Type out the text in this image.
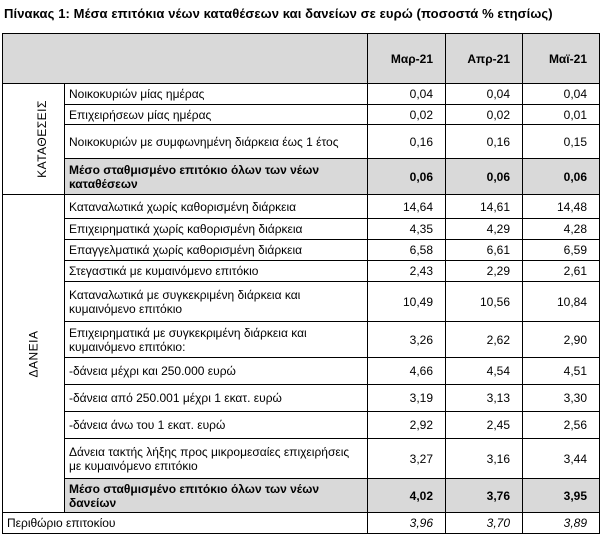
Πίνακας 1: Μέσα επιτόκια νέων καταθέσεων και δανείων σε ευρώ (ποσοστά % ετησίως)
		Μαρ-21	Απρ-21	Μαϊ-21
ΚΑΤΑΘΕΣΕΙΣ	Νοικοκυριών μίας ημέρας	0,04	0,04	0,04
	Επιχειρήσεων μίας ημέρας	0,02	0,02	0,01
	Νοικοκυριών με συμφωνημένη διάρκεια έως 1 έτος	0,16	0,16	0,15
	Μέσο σταθμισμένο επιτόκιο όλων των νέων καταθέσεων	0,06	0,06	0,06
ΔΑΝΕΙΑ	Καταναλωτικά χωρίς καθορισμένη διάρκεια	14,64	14,61	14,48
	Επιχειρηματικά χωρίς καθορισμένη διάρκεια	4,35	4,29	4,28
	Επαγγελματικά χωρίς καθορισμένη διάρκεια	6,58	6,61	6,59
	Στεγαστικά με κυμαινόμενο επιτόκιο	2,43	2,29	2,61
	Καταναλωτικά με συγκεκριμένη διάρκεια και κυμαινόμενο επιτόκιο	10,49	10,56	10,84
	Επιχειρηματικά με συγκεκριμένη διάρκεια και κυμαινόμενο επιτόκιο:	3,26	2,62	2,90
	-δάνεια μέχρι και 250.000 ευρώ	4,66	4,54	4,51
	-δάνεια από 250.001 μέχρι 1 εκατ. ευρώ	3,19	3,13	3,30
	-δάνεια άνω του 1 εκατ. ευρώ	2,92	2,45	2,56
	Δάνεια τακτής λήξης προς μικρομεσαίες επιχειρήσεις με κυμαινόμενο επιτόκιο	3,27	3,16	3,44
	Μέσο σταθμισμένο επιτόκιο όλων των νέων δανείων	4,02	3,76	3,95
Περιθώριο επιτοκίου		3,96	3,70	3,89
